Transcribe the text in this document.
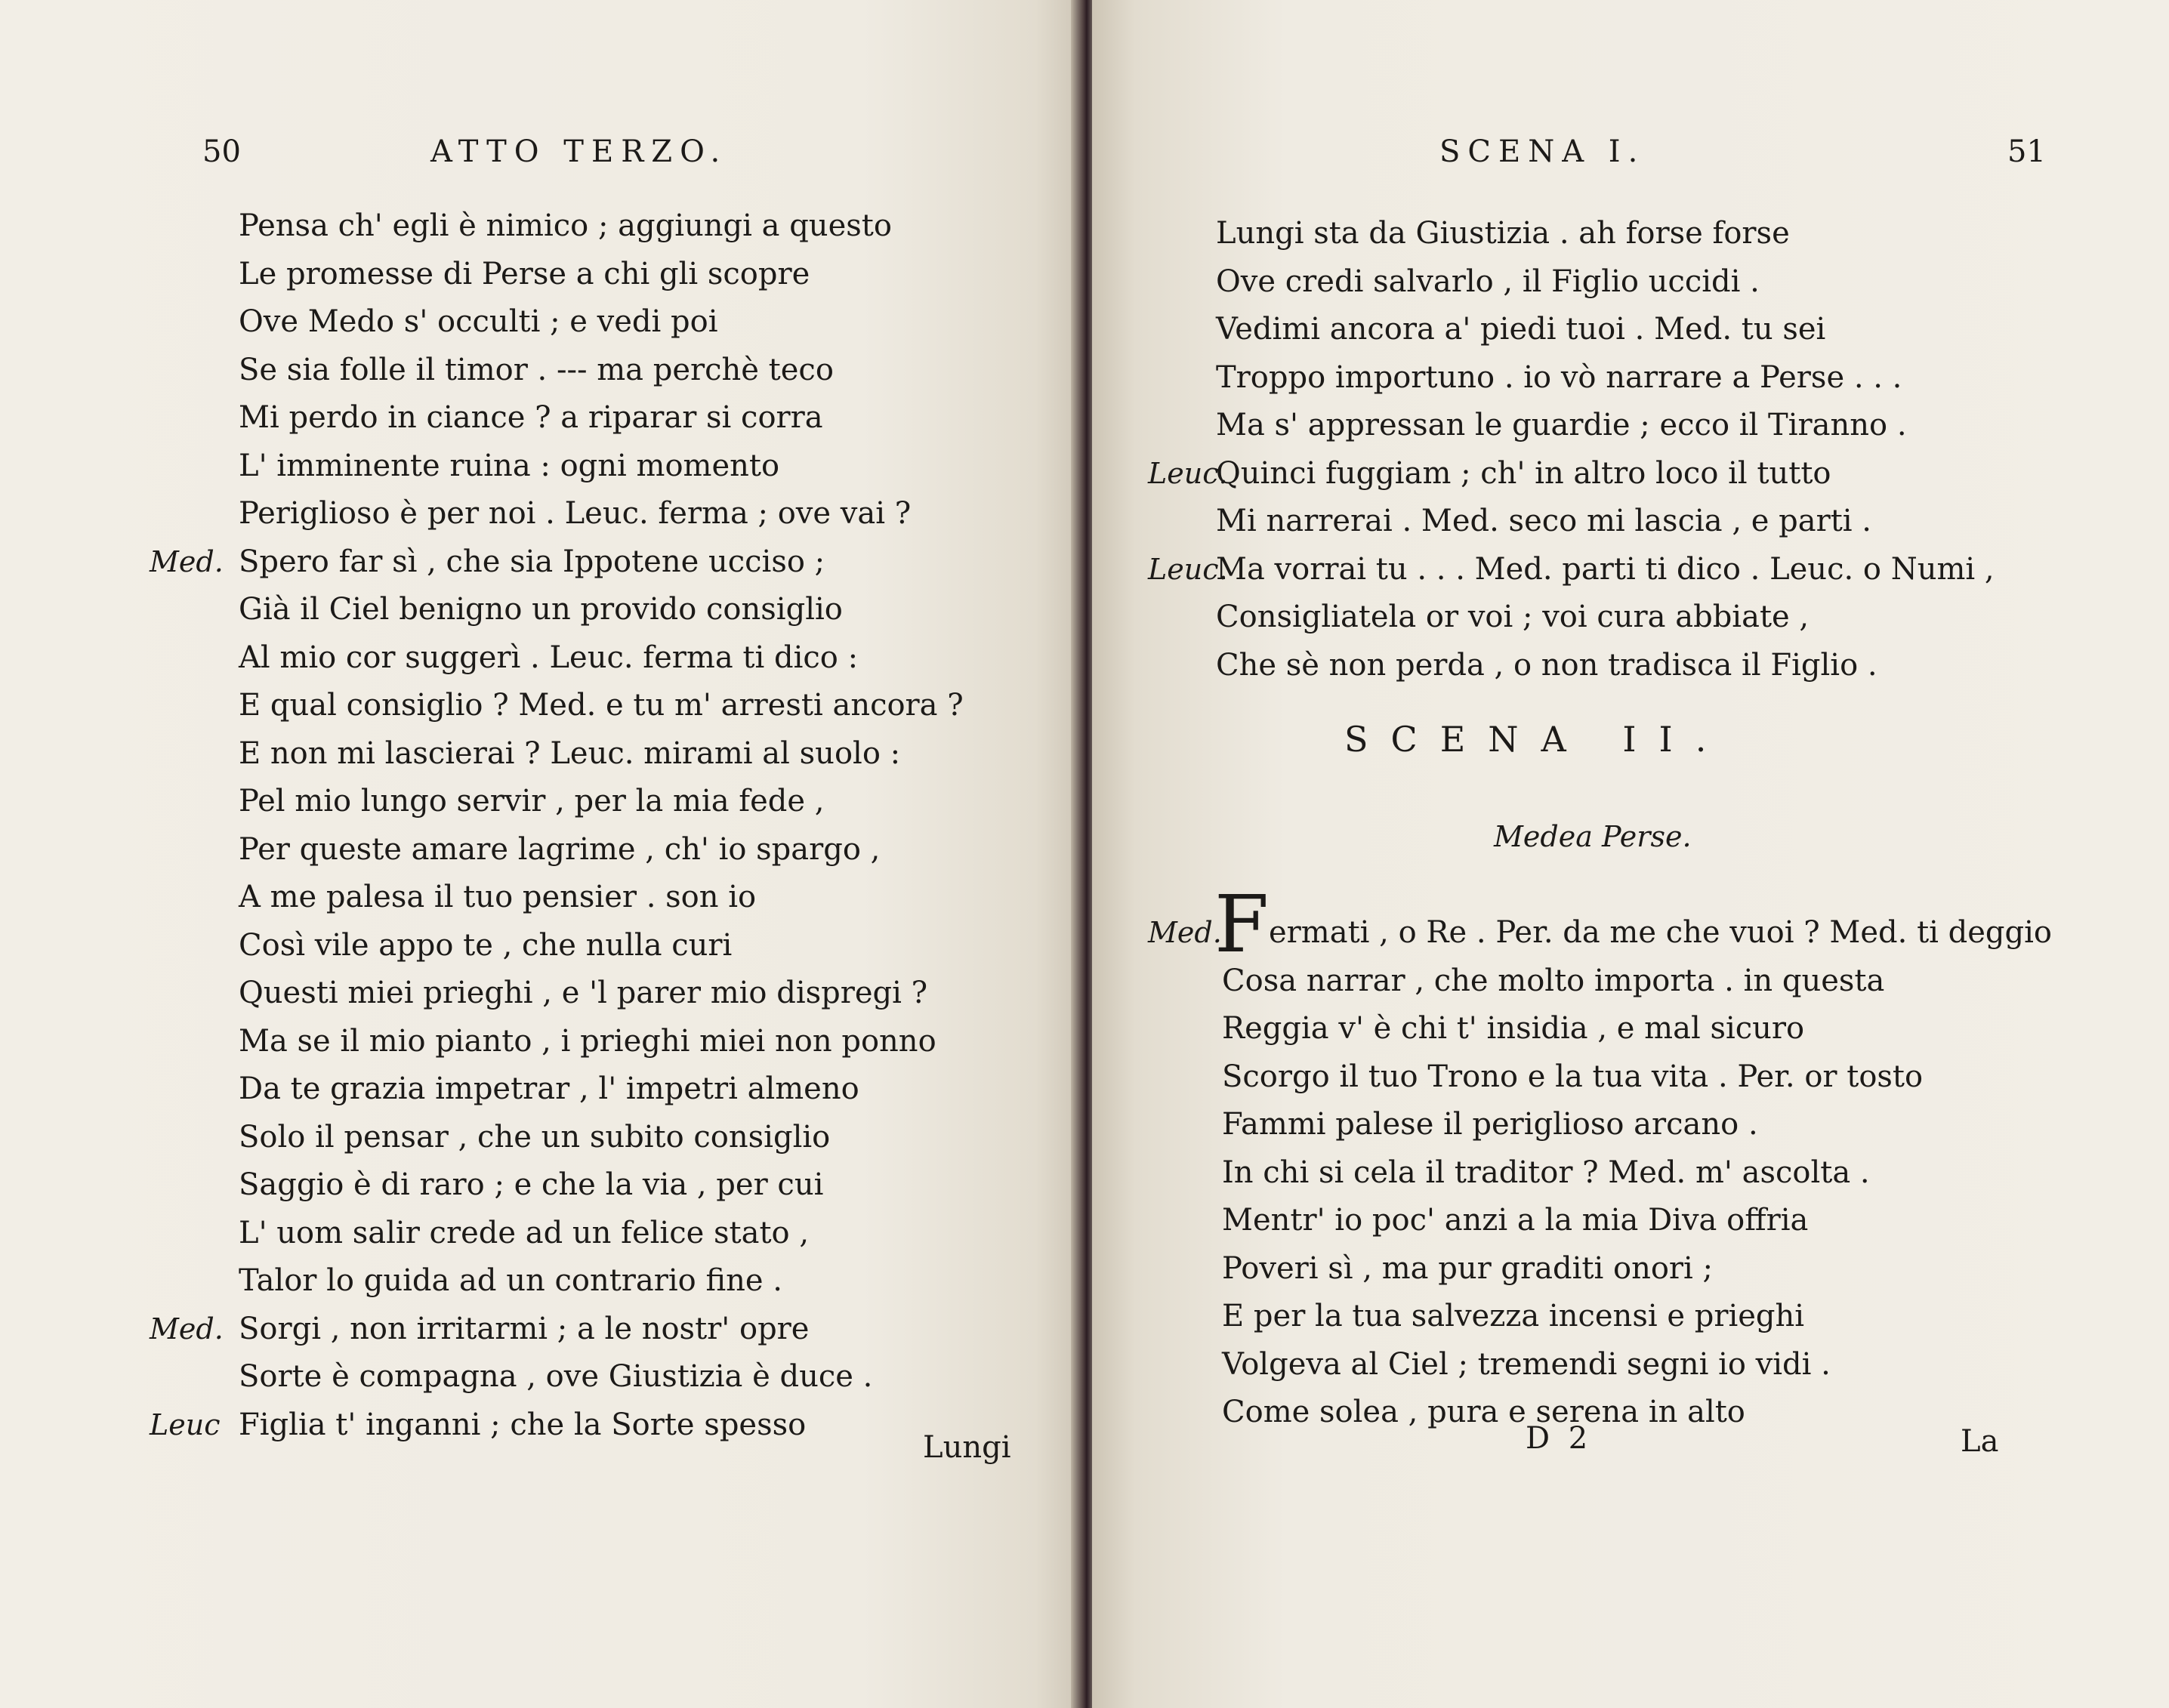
50	ATTO TERZO.
Pensa ch' egli è nimico ; aggiungi a questo
Le promesse di Perse a chi gli scopre
Ove Medo s' occulti ; e vedi poi
Se sia folle il timor . --- ma perchè teco
Mi perdo in ciance ? a riparar si corra
L' imminente ruina : ogni momento
Periglioso è per noi . Leuc. ferma ; ove vai ?
Med. Spero far sì , che sia Ippotene ucciso ;
Già il Ciel benigno un provido consiglio
Al mio cor suggerì . Leuc. ferma ti dico :
E qual consiglio ? Med. e tu m' arresti ancora ?
E non mi lascierai ? Leuc. mirami al suolo :
Pel mio lungo servir , per la mia fede ,
Per queste amare lagrime , ch' io spargo ,
A me palesa il tuo pensier . son io
Così vile appo te , che nulla curi
Questi miei prieghi , e 'l parer mio dispregi ?
Ma se il mio pianto , i prieghi miei non ponno
Da te grazia impetrar , l' impetri almeno
Solo il pensar , che un subito consiglio
Saggio è di raro ; e che la via , per cui
L' uom salir crede ad un felice stato ,
Talor lo guida ad un contrario fine .
Med. Sorgi , non irritarmi ; a le nostr' opre
Sorte è compagna , ove Giustizia è duce .
Leuc Figlia t' inganni ; che la Sorte spesso
Lungi
SCENA I.	51
Lungi sta da Giustizia . ah forse forse
Ove credi salvarlo , il Figlio uccidi .
Vedimi ancora a' piedi tuoi . Med. tu sei
Troppo importuno . io vò narrare a Perse . . .
Ma s' appressan le guardie ; ecco il Tiranno .
Leuc.
Quinci fuggiam ; ch' in altro loco il tutto
Mi narrerai . Med. seco mi lascia , e parti .
Leuc.
Ma vorrai tu . . . Med. parti ti dico . Leuc. o Numi ,
Consigliatela or voi ; voi cura abbiate ,
Che sè non perda , o non tradisca il Figlio .
Med. ermati , o Re . Per. da me che vuoi ? Med. ti deggio
Cosa narrar , che molto importa . in questa
Reggia v' è chi t' insidia , e mal sicuro
Scorgo il tuo Trono e la tua vita . Per. or tosto
Fammi palese il periglioso arcano .
In chi si cela il traditor ? Med. m' ascolta .
Mentr' io poc' anzi a la mia Diva offria
Poveri sì , ma pur graditi onori ;
E per la tua salvezza incensi e prieghi
Volgeva al Ciel ; tremendi segni io vidi .
Come solea , pura e serena in alto
F
La
SCENA II.
Medea Perse.
D 2
